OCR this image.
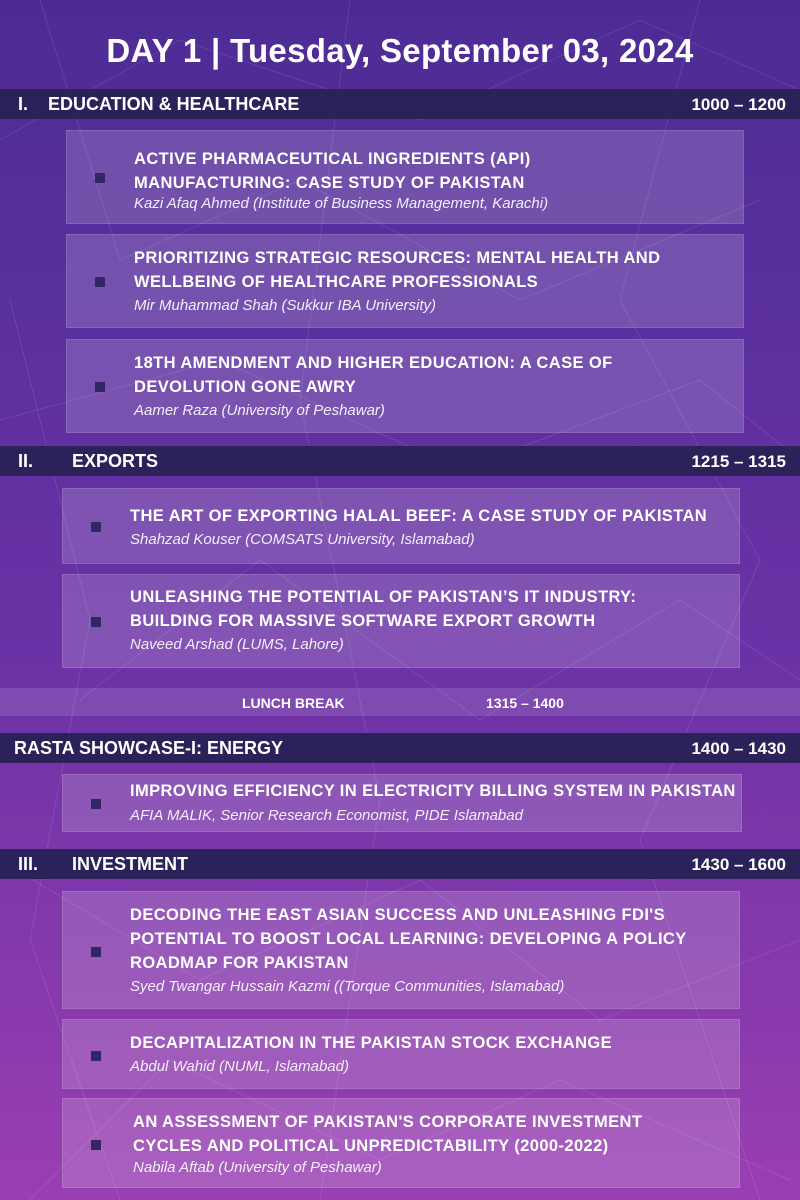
DAY 1 | Tuesday, September 03, 2024
I.	EDUCATION & HEALTHCARE	1000 – 1200
ACTIVE PHARMACEUTICAL INGREDIENTS (API)
MANUFACTURING: CASE STUDY OF PAKISTAN
Kazi Afaq Ahmed (Institute of Business Management, Karachi)
PRIORITIZING STRATEGIC RESOURCES: MENTAL HEALTH AND
WELLBEING OF HEALTHCARE PROFESSIONALS
Mir Muhammad Shah (Sukkur IBA University)
18TH AMENDMENT AND HIGHER EDUCATION: A CASE OF
DEVOLUTION GONE AWRY
Aamer Raza (University of Peshawar)
II.	EXPORTS	1215 – 1315
THE ART OF EXPORTING HALAL BEEF: A CASE STUDY OF PAKISTAN
Shahzad Kouser (COMSATS University, Islamabad)
UNLEASHING THE POTENTIAL OF PAKISTAN’S IT INDUSTRY:
BUILDING FOR MASSIVE SOFTWARE EXPORT GROWTH
Naveed Arshad (LUMS, Lahore)
LUNCH BREAK	1315 – 1400
RASTA SHOWCASE-I: ENERGY	1400 – 1430
IMPROVING EFFICIENCY IN ELECTRICITY BILLING SYSTEM IN PAKISTAN
AFIA MALIK, Senior Research Economist, PIDE Islamabad
III.	INVESTMENT	1430 – 1600
DECODING THE EAST ASIAN SUCCESS AND UNLEASHING FDI'S
POTENTIAL TO BOOST LOCAL LEARNING: DEVELOPING A POLICY
ROADMAP FOR PAKISTAN
Syed Twangar Hussain Kazmi ((Torque Communities, Islamabad)
DECAPITALIZATION IN THE PAKISTAN STOCK EXCHANGE
Abdul Wahid (NUML, Islamabad)
AN ASSESSMENT OF PAKISTAN'S CORPORATE INVESTMENT
CYCLES AND POLITICAL UNPREDICTABILITY (2000-2022)
Nabila Aftab (University of Peshawar)
